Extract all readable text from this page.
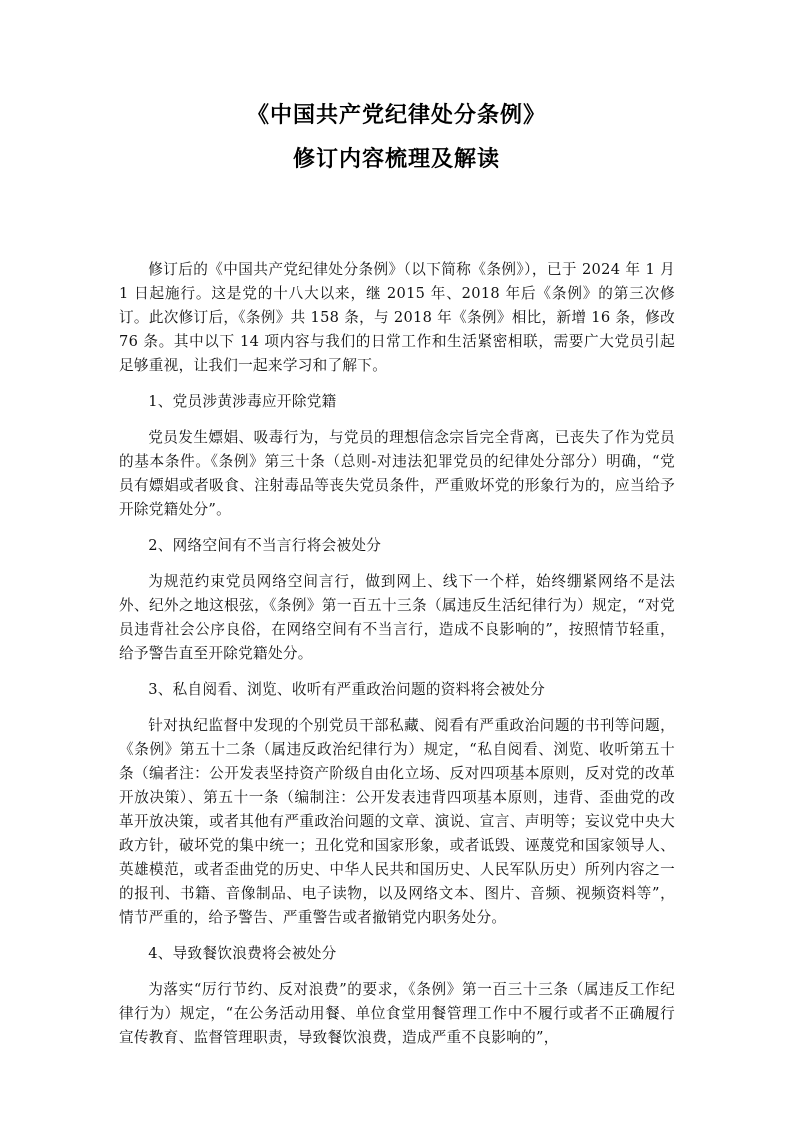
《中国共产党纪律处分条例》
修订内容梳理及解读

修订后的《中国共产党纪律处分条例》（以下简称《条例》），已于 2024 年 1 月 1 日起施行。这是党的十八大以来，继 2015 年、2018 年后《条例》的第三次修订。此次修订后，《条例》共 158 条，与 2018 年《条例》相比，新增 16 条，修改 76 条。其中以下 14 项内容与我们的日常工作和生活紧密相联，需要广大党员引起足够重视，让我们一起来学习和了解下。

1、党员涉黄涉毒应开除党籍

党员发生嫖娼、吸毒行为，与党员的理想信念宗旨完全背离，已丧失了作为党员的基本条件。《条例》第三十条（总则-对违法犯罪党员的纪律处分部分）明确，“党员有嫖娼或者吸食、注射毒品等丧失党员条件，严重败坏党的形象行为的，应当给予开除党籍处分”。

2、网络空间有不当言行将会被处分

为规范约束党员网络空间言行，做到网上、线下一个样，始终绷紧网络不是法外、纪外之地这根弦，《条例》第一百五十三条（属违反生活纪律行为）规定，“对党员违背社会公序良俗，在网络空间有不当言行，造成不良影响的”，按照情节轻重，给予警告直至开除党籍处分。

3、私自阅看、浏览、收听有严重政治问题的资料将会被处分

针对执纪监督中发现的个别党员干部私藏、阅看有严重政治问题的书刊等问题，《条例》第五十二条（属违反政治纪律行为）规定，“私自阅看、浏览、收听第五十条（编者注：公开发表坚持资产阶级自由化立场、反对四项基本原则，反对党的改革开放决策）、第五十一条（编制注：公开发表违背四项基本原则，违背、歪曲党的改革开放决策，或者其他有严重政治问题的文章、演说、宣言、声明等；妄议党中央大政方针，破坏党的集中统一；丑化党和国家形象，或者诋毁、诬蔑党和国家领导人、英雄模范，或者歪曲党的历史、中华人民共和国历史、人民军队历史）所列内容之一的报刊、书籍、音像制品、电子读物，以及网络文本、图片、音频、视频资料等”，情节严重的，给予警告、严重警告或者撤销党内职务处分。

4、导致餐饮浪费将会被处分

为落实“厉行节约、反对浪费”的要求，《条例》第一百三十三条（属违反工作纪律行为）规定，“在公务活动用餐、单位食堂用餐管理工作中不履行或者不正确履行宣传教育、监督管理职责，导致餐饮浪费，造成严重不良影响的”，
